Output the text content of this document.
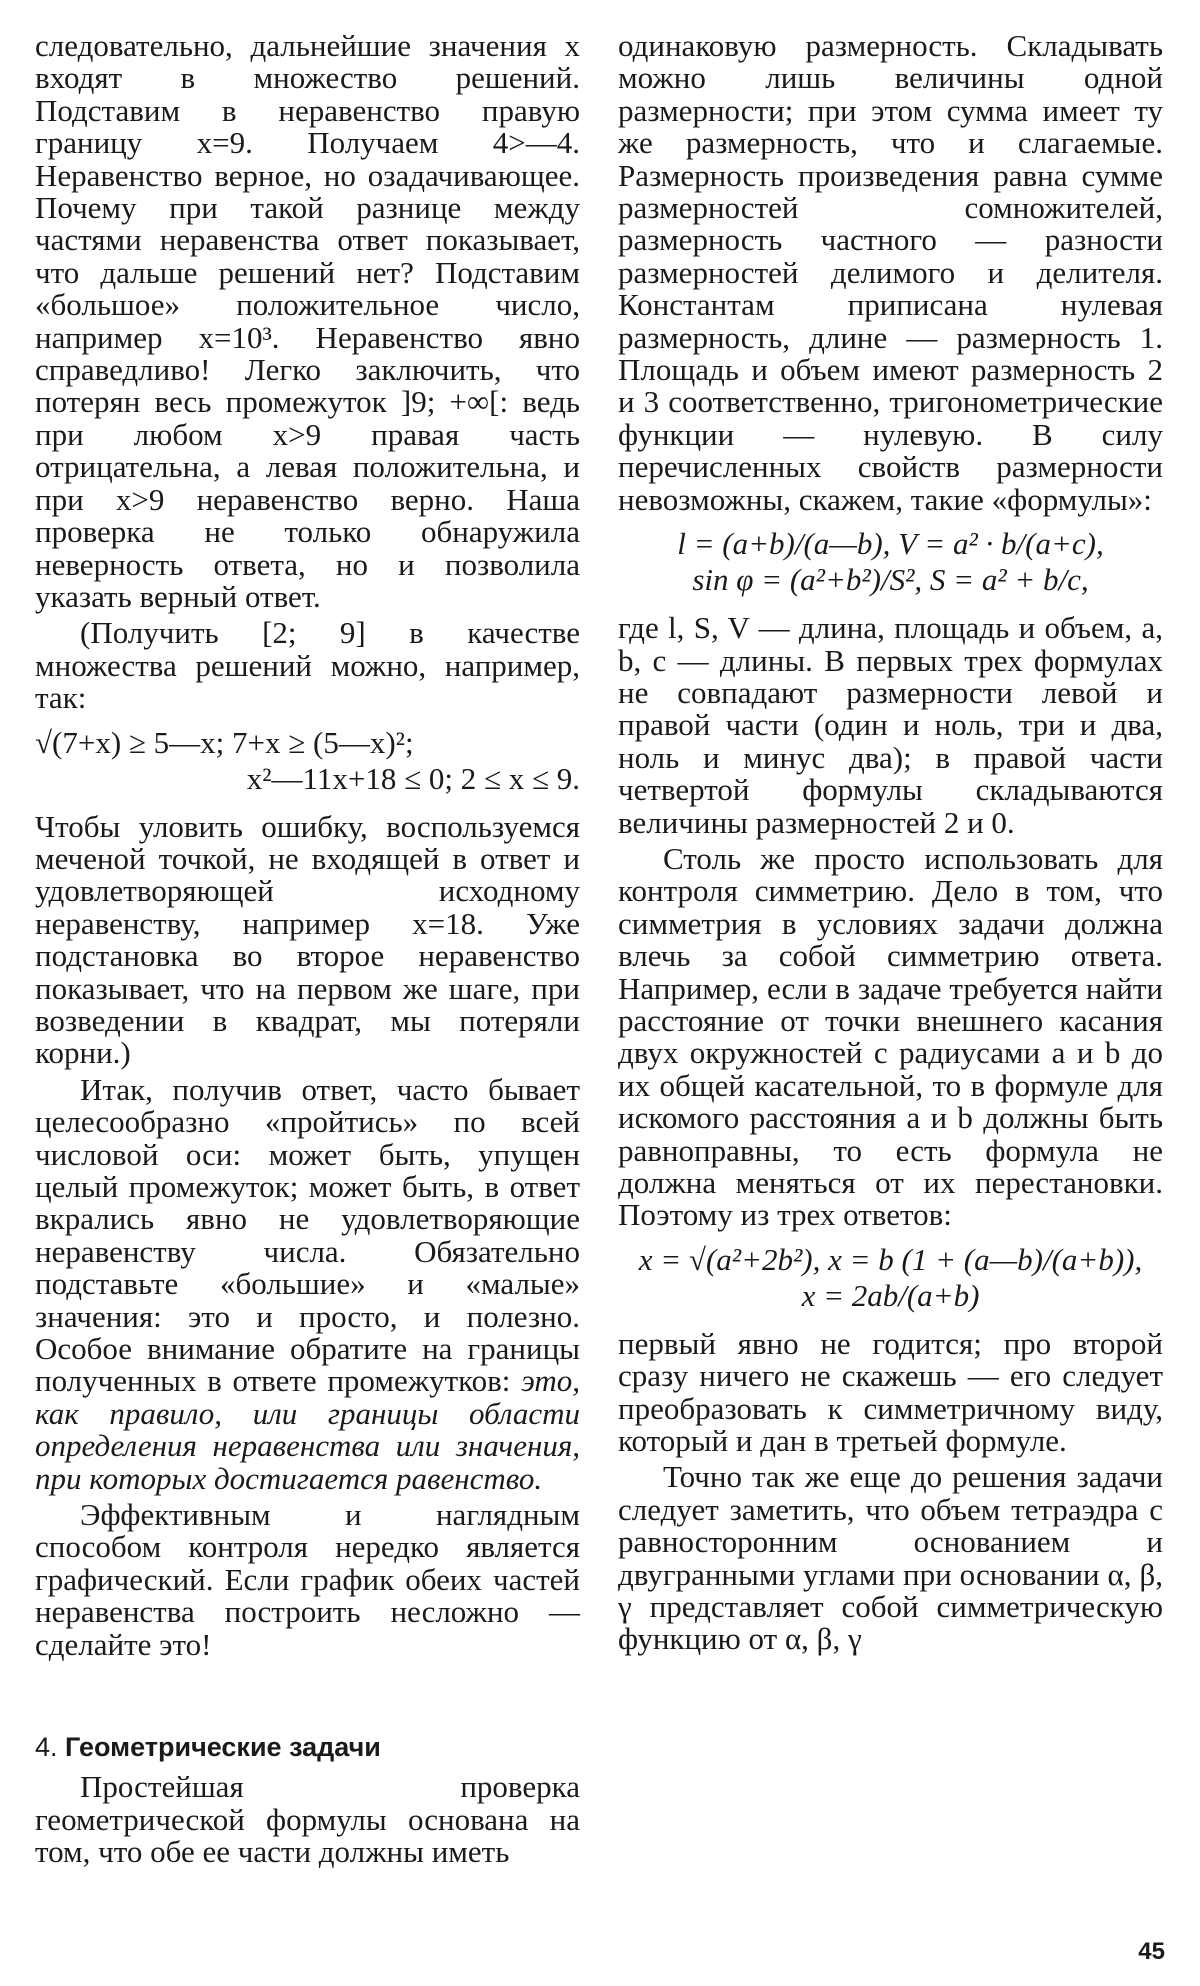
следовательно, дальнейшие значения x входят в множество решений. Подставим в неравенство правую границу x=9. Получаем 4>—4. Неравенство верное, но озадачивающее. Почему при такой разнице между частями неравенства ответ показывает, что дальше решений нет? Подставим «большое» положительное число, например x=10³. Неравенство явно справедливо! Легко заключить, что потерян весь промежуток ]9; +∞[: ведь при любом x>9 правая часть отрицательна, а левая положительна, и при x>9 неравенство верно. Наша проверка не только обнаружила неверность ответа, но и позволила указать верный ответ.

(Получить [2; 9] в качестве множества решений можно, например, так:

√(7+x) ≥ 5—x; 7+x ≥ (5—x)²;
x²—11x+18 ≤ 0; 2 ≤ x ≤ 9.

Чтобы уловить ошибку, воспользуемся меченой точкой, не входящей в ответ и удовлетворяющей исходному неравенству, например x=18. Уже подстановка во второе неравенство показывает, что на первом же шаге, при возведении в квадрат, мы потеряли корни.)

Итак, получив ответ, часто бывает целесообразно «пройтись» по всей числовой оси: может быть, упущен целый промежуток; может быть, в ответ вкрались явно не удовлетворяющие неравенству числа. Обязательно подставьте «большие» и «малые» значения: это и просто, и полезно. Особое внимание обратите на границы полученных в ответе промежутков: это, как правило, или границы области определения неравенства или значения, при которых достигается равенство.

Эффективным и наглядным способом контроля нередко является графический. Если график обеих частей неравенства построить несложно — сделайте это!

4. Геометрические задачи

Простейшая проверка геометрической формулы основана на том, что обе ее части должны иметь

одинаковую размерность. Складывать можно лишь величины одной размерности; при этом сумма имеет ту же размерность, что и слагаемые. Размерность произведения равна сумме размерностей сомножителей, размерность частного — разности размерностей делимого и делителя. Константам приписана нулевая размерность, длине — размерность 1. Площадь и объем имеют размерность 2 и 3 соответственно, тригонометрические функции — нулевую. В силу перечисленных свойств размерности невозможны, скажем, такие «формулы»:

l = (a+b)/(a—b), V = a² · b/(a+c),
sin φ = (a²+b²)/S², S = a² + b/c,

где l, S, V — длина, площадь и объем, a, b, c — длины. В первых трех формулах не совпадают размерности левой и правой части (один и ноль, три и два, ноль и минус два); в правой части четвертой формулы складываются величины размерностей 2 и 0.

Столь же просто использовать для контроля симметрию. Дело в том, что симметрия в условиях задачи должна влечь за собой симметрию ответа. Например, если в задаче требуется найти расстояние от точки внешнего касания двух окружностей с радиусами a и b до их общей касательной, то в формуле для искомого расстояния a и b должны быть равноправны, то есть формула не должна меняться от их перестановки. Поэтому из трех ответов:

x = √(a²+2b²), x = b (1 + (a—b)/(a+b)),
x = 2ab/(a+b)

первый явно не годится; про второй сразу ничего не скажешь — его следует преобразовать к симметричному виду, который и дан в третьей формуле.

Точно так же еще до решения задачи следует заметить, что объем тетраэдра с равносторонним основанием и двугранными углами при основании α, β, γ представляет собой симметрическую функцию от α, β, γ

45
